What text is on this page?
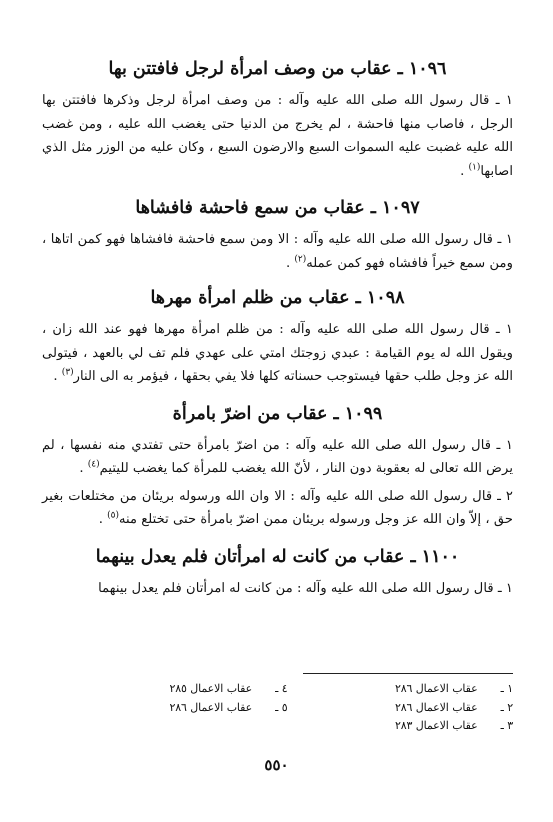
١٠٩٦ ـ عقاب من وصف امرأة لرجل فافتتن بها

١ ـ قال رسول الله صلى الله عليه وآله : من وصف امرأة لرجل وذكرها فافتتن بها الرجل ، فاصاب منها فاحشة ، لم يخرج من الدنيا حتى يغضب الله عليه ، ومن غضب الله عليه غضبت عليه السموات السبع والارضون السبع ، وكان عليه من الوزر مثل الذي اصابها$^{(١)}$ .

١٠٩٧ ـ عقاب من سمع فاحشة فافشاها

١ ـ قال رسول الله صلى الله عليه وآله : الا ومن سمع فاحشة فافشاها فهو كمن اتاها ، ومن سمع خيراً فافشاه فهو كمن عمله$^{(٢)}$ .

١٠٩٨ ـ عقاب من ظلم امرأة مهرها

١ ـ قال رسول الله صلى الله عليه وآله : من ظلم امرأة مهرها فهو عند الله زان ، ويقول الله له يوم القيامة : عبدي زوجتك امتي على عهدي فلم تف لي بالعهد ، فيتولى الله عز وجل طلب حقها فيستوجب حسناته كلها فلا يفي بحقها ، فيؤمر به الى النار$^{(٣)}$ .

١٠٩٩ ـ عقاب من اضرّ بامرأة

١ ـ قال رسول الله صلى الله عليه وآله : من اضرّ بامرأة حتى تفتدي منه نفسها ، لم يرض الله تعالى له بعقوبة دون النار ، لأنّ الله يغضب للمرأة كما يغضب لليتيم$^{(٤)}$ .

٢ ـ قال رسول الله صلى الله عليه وآله : الا وان الله ورسوله بريئان من مختلعات بغير حق ، إلاّ وان الله عز وجل ورسوله بريئان ممن اضرّ بامرأة حتى تختلع منه$^{(٥)}$ .

١١٠٠ ـ عقاب من كانت له امرأتان فلم يعدل بينهما

١ ـ قال رسول الله صلى الله عليه وآله : من كانت له امرأتان فلم يعدل بينهما

١ ـ

عقاب الاعمال ٢٨٦
٢ ـ

عقاب الاعمال ٢٨٦
٣ ـ

عقاب الاعمال ٢٨٣
٤ ـ

عقاب الاعمال ٢٨٥
٥ ـ

عقاب الاعمال ٢٨٦
٥٥٠
